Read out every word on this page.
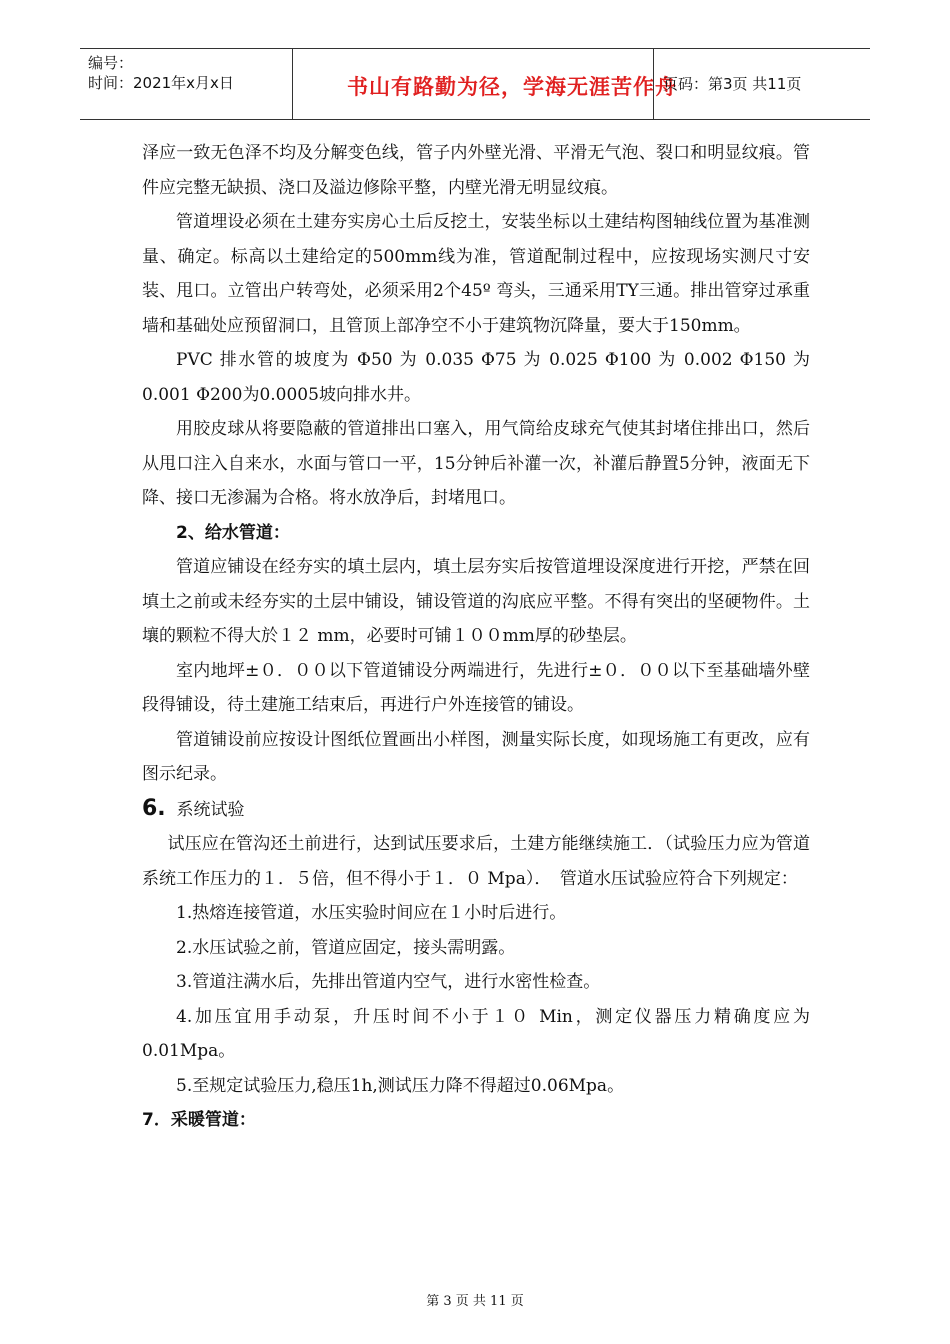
编号：
时间：2021年x月x日	书山有路勤为径，学海无涯苦作舟
页码：第3页 共11页

泽应一致无色泽不均及分解变色线，管子内外壁光滑、平滑无气泡、裂口和明显纹痕。管件应完整无缺损、浇口及溢边修除平整，内壁光滑无明显纹痕。

管道埋设必须在土建夯实房心土后反挖土，安装坐标以土建结构图轴线位置为基准测量、确定。标高以土建给定的500mm线为准，管道配制过程中，应按现场实测尺寸安装、甩口。立管出户转弯处，必须采用2个45º 弯头，三通采用TY三通。排出管穿过承重墙和基础处应预留洞口，且管顶上部净空不小于建筑物沉降量，要大于150mm。

PVC 排水管的坡度为 Φ50 为 0.035 Φ75 为 0.025 Φ100 为 0.002 Φ150 为 0.001 Φ200为0.0005坡向排水井。

用胶皮球从将要隐蔽的管道排出口塞入，用气筒给皮球充气使其封堵住排出口，然后从甩口注入自来水，水面与管口一平，15分钟后补灌一次，补灌后静置5分钟，液面无下降、接口无渗漏为合格。将水放净后，封堵甩口。

2、给水管道：

管道应铺设在经夯实的填土层内，填土层夯实后按管道埋设深度进行开挖，严禁在回填土之前或未经夯实的土层中铺设，铺设管道的沟底应平整。不得有突出的坚硬物件。土壤的颗粒不得大於１２ mm，必要时可铺１００mm厚的砂垫层。

室内地坪±０．００以下管道铺设分两端进行，先进行±０．００以下至基础墙外壁段得铺设，待土建施工结束后，再进行户外连接管的铺设。

管道铺设前应按设计图纸位置画出小样图，测量实际长度，如现场施工有更改，应有图示纪录。

6. 系统试验

试压应在管沟还土前进行，达到试压要求后，土建方能继续施工．（试验压力应为管道系统工作压力的１．５倍，但不得小于１．０ Mpa）．　管道水压试验应符合下列规定：

1.热熔连接管道，水压实验时间应在１小时后进行。

2.水压试验之前，管道应固定，接头需明露。

3.管道注满水后，先排出管道内空气，进行水密性检查。

4.加压宜用手动泵，升压时间不小于１０ Min，测定仪器压力精确度应为0.01Mpa。

5.至规定试验压力,稳压1h,测试压力降不得超过0.06Mpa。

7．采暖管道：

第 3 页 共 11 页
